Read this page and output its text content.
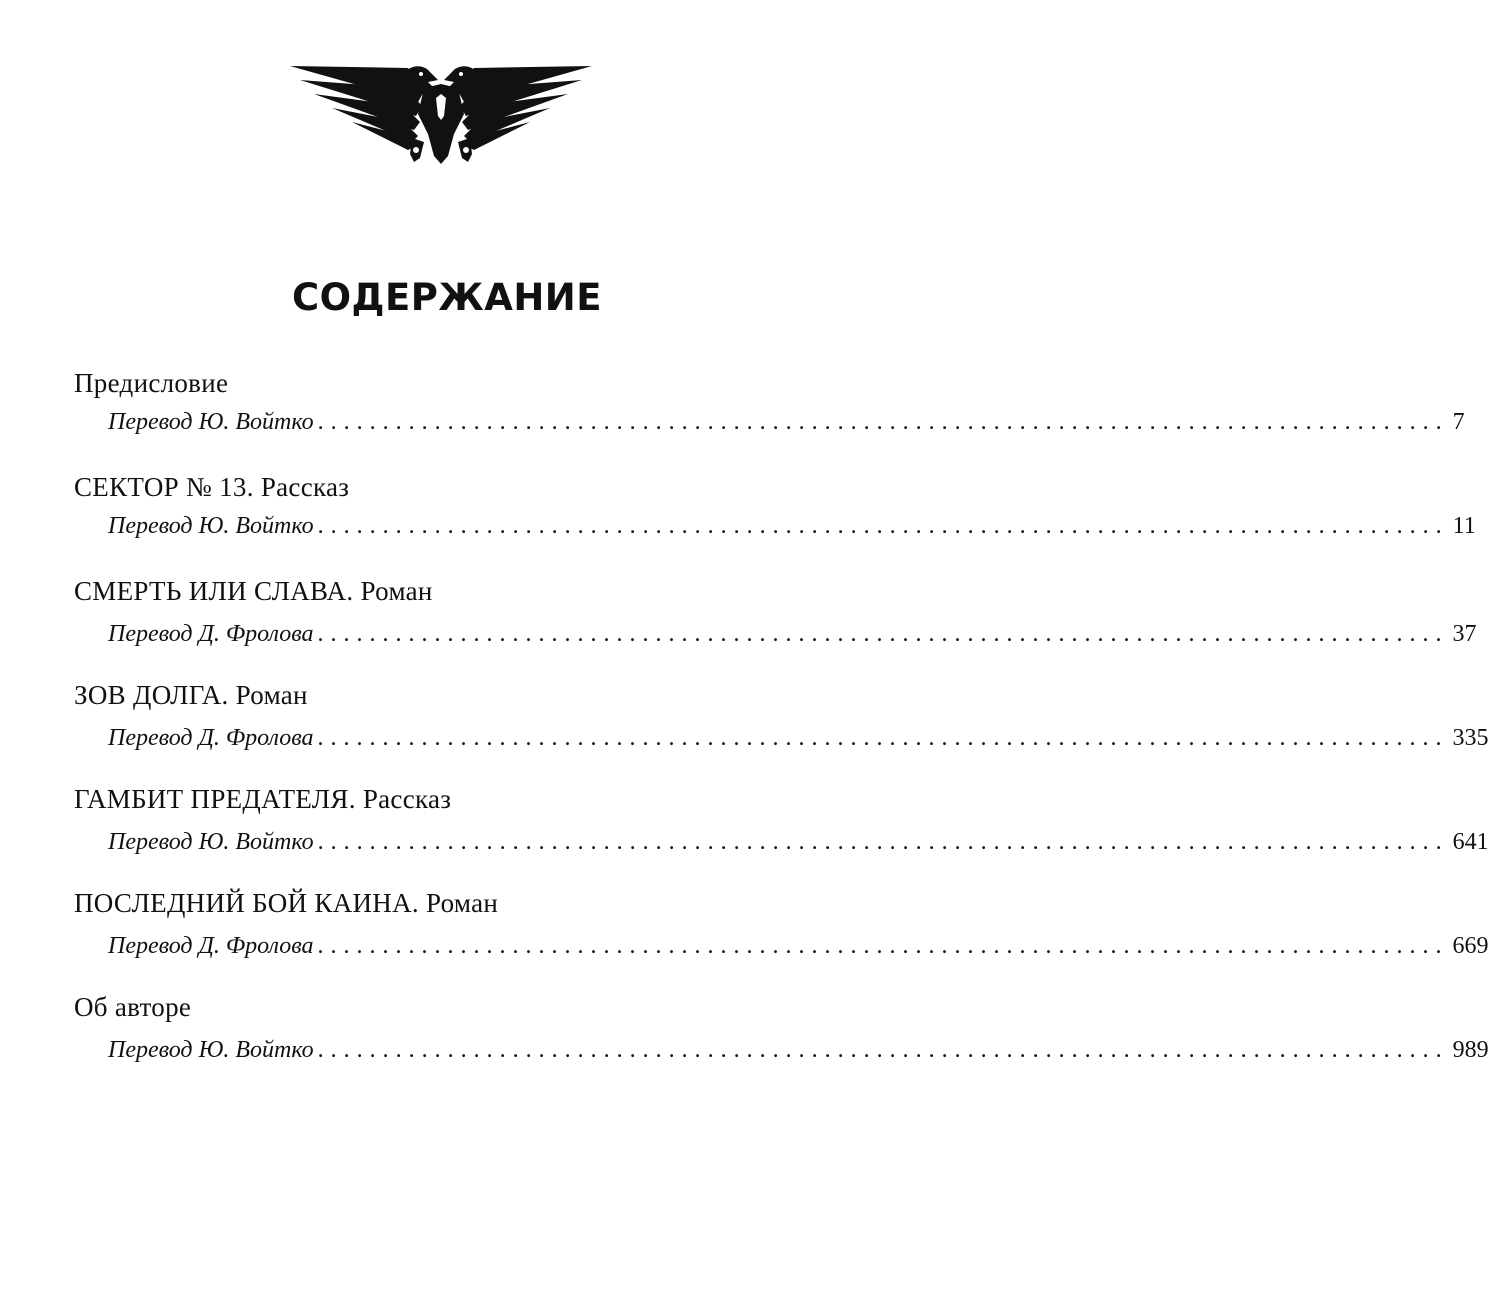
СОДЕРЖАНИЕ
Предисловие
Перевод Ю. Войтко ....................................................................................... 7
СЕКТОР № 13. Рассказ
Перевод Ю. Войтко ....................................................................................... 11
СМЕРТЬ ИЛИ СЛАВА. Роман
Перевод Д. Фролова ....................................................................................... 37
ЗОВ ДОЛГА. Роман
Перевод Д. Фролова ....................................................................................... 335
ГАМБИТ ПРЕДАТЕЛЯ. Рассказ
Перевод Ю. Войтко ....................................................................................... 641
ПОСЛЕДНИЙ БОЙ КАИНА. Роман
Перевод Д. Фролова ....................................................................................... 669
Об авторе
Перевод Ю. Войтко ....................................................................................... 989
